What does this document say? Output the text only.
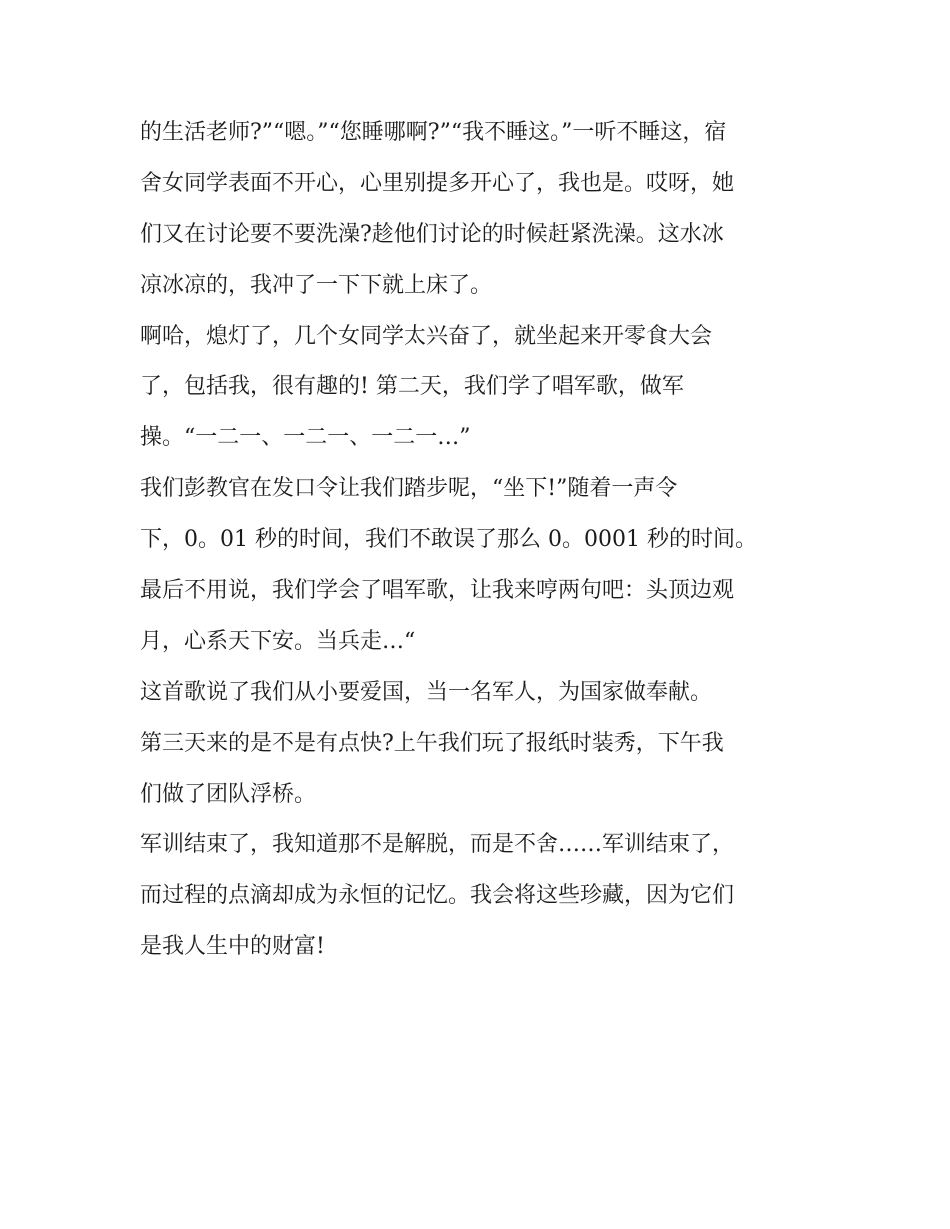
的生活老师?”“嗯。”“您睡哪啊?”“我不睡这。”一听不睡这，宿
舍女同学表面不开心，心里别提多开心了，我也是。哎呀，她
们又在讨论要不要洗澡?趁他们讨论的时候赶紧洗澡。这水冰
凉冰凉的，我冲了一下下就上床了。
啊哈，熄灯了，几个女同学太兴奋了，就坐起来开零食大会
了，包括我，很有趣的! 第二天，我们学了唱军歌，做军
操。“一二一、一二一、一二一…”
我们彭教官在发口令让我们踏步呢，“坐下!”随着一声令
下，0。01 秒的时间，我们不敢误了那么 0。0001 秒的时间。
最后不用说，我们学会了唱军歌，让我来哼两句吧：头顶边观
月，心系天下安。当兵走…“
这首歌说了我们从小要爱国，当一名军人，为国家做奉献。
第三天来的是不是有点快?上午我们玩了报纸时装秀，下午我
们做了团队浮桥。
军训结束了，我知道那不是解脱，而是不舍……军训结束了，
而过程的点滴却成为永恒的记忆。我会将这些珍藏，因为它们
是我人生中的财富!
